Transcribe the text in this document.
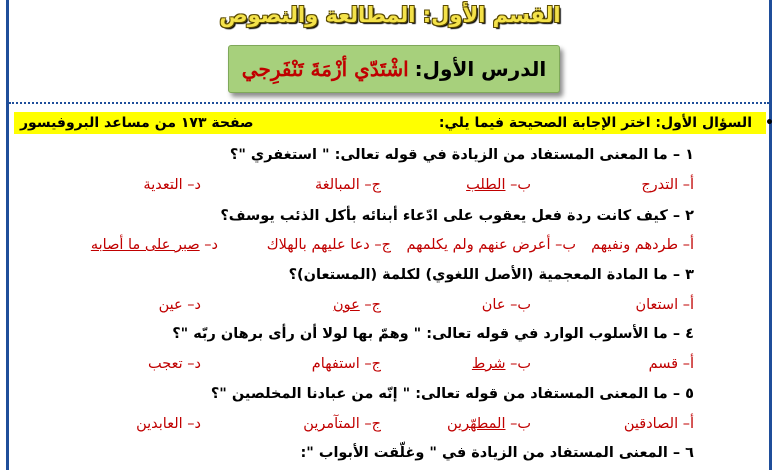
القسم الأول: المطالعة والنصوص
الدرس الأول:
اشْتَدّي أزْمَةَ تَنْفَرِجي
•
السؤال الأول: اختر الإجابة الصحيحة فيما يلي:
صفحة ١٧٣ من مساعد البروفيسور
١ – ما المعنى المستفاد من الزيادة في قوله تعالى: " استغفري "؟
أ– التدرج
ب– الطلب
ج– المبالغة
د– التعدية
٢ – كيف كانت ردة فعل يعقوب على ادّعاء أبنائه بأكل الذئب يوسف؟
أ– طردهم ونفيهم
ب– أعرض عنهم ولم يكلمهم
ج– دعا عليهم بالهلاك
د– صبر على ما أصابه
٣ – ما المادة المعجمية (الأصل اللغوي) لكلمة (المستعان)؟
أ– استعان
ب– عان
ج– عون
د– عين
٤ – ما الأسلوب الوارد في قوله تعالى: " وهمّ بها لولا أن رأى برهان ربّه "؟
أ– قسم
ب– شرط
ج– استفهام
د– تعجب
٥ – ما المعنى المستفاد من قوله تعالى: " إنّه من عبادنا المخلصين "؟
أ– الصادقين
ب– المطهّرين
ج– المتآمرين
د– العابدين
٦ – المعنى المستفاد من الزيادة في " وغلّقت الأبواب ":
